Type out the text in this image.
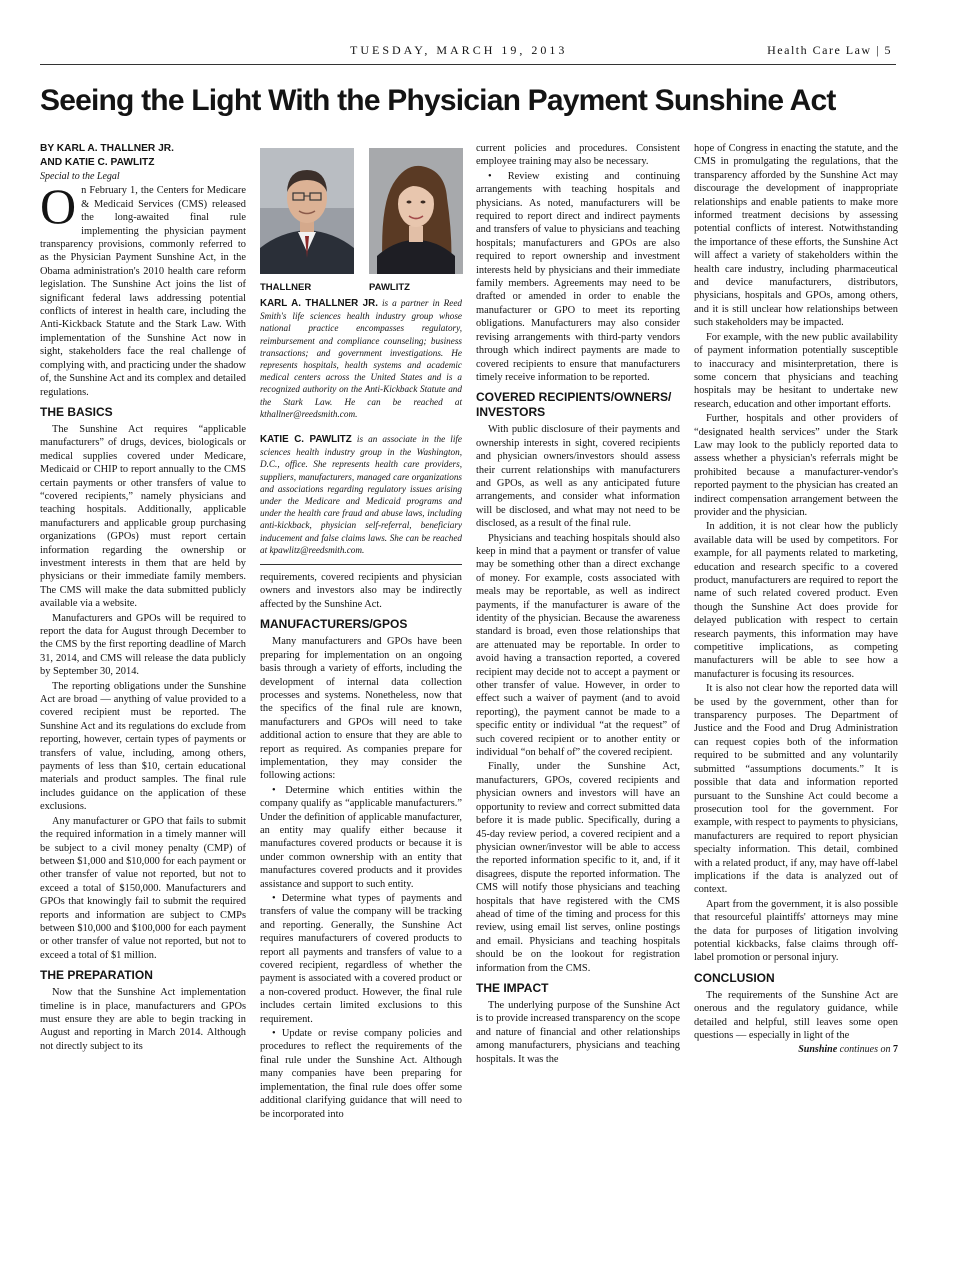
TUESDAY, MARCH 19, 2013	Health Care Law | 5
Seeing the Light With the Physician Payment Sunshine Act

BY KARL A. THALLNER JR.

AND KATIE C. PAWLITZ

Special to the Legal

On February 1, the Centers for Medicare & Medicaid Services (CMS) released the long-awaited final rule implementing the physician payment transparency provisions, commonly referred to as the Physician Payment Sunshine Act, in the Obama administration's 2010 health care reform legislation. The Sunshine Act joins the list of significant federal laws addressing potential conflicts of interest in health care, including the Anti-Kickback Statute and the Stark Law. With implementation of the Sunshine Act now in sight, stakeholders face the real challenge of complying with, and practicing under the shadow of, the Sunshine Act and its complex and detailed regulations.

THE BASICS

The Sunshine Act requires “applicable manufacturers” of drugs, devices, biologicals or medical supplies covered under Medicare, Medicaid or CHIP to report annually to the CMS certain payments or other transfers of value to “covered recipients,” namely physicians and teaching hospitals. Additionally, applicable manufacturers and applicable group purchasing organizations (GPOs) must report certain information regarding the ownership or investment interests in them that are held by physicians or their immediate family members. The CMS will make the data submitted publicly available via a website.

Manufacturers and GPOs will be required to report the data for August through December to the CMS by the first reporting deadline of March 31, 2014, and CMS will release the data publicly by September 30, 2014.

The reporting obligations under the Sunshine Act are broad — anything of value provided to a covered recipient must be reported. The Sunshine Act and its regulations do exclude from reporting, however, certain types of payments or transfers of value, including, among others, payments of less than $10, certain educational materials and product samples. The final rule includes guidance on the application of these exclusions.

Any manufacturer or GPO that fails to submit the required information in a timely manner will be subject to a civil money penalty (CMP) of between $1,000 and $10,000 for each payment or other transfer of value not reported, but not to exceed a total of $150,000. Manufacturers and GPOs that knowingly fail to submit the required reports and information are subject to CMPs between $10,000 and $100,000 for each payment or other transfer of value not reported, but not to exceed a total of $1 million.

THE PREPARATION

Now that the Sunshine Act implementation timeline is in place, manufacturers and GPOs must ensure they are able to begin tracking in August and reporting in March 2014. Although not directly subject to its

THALLNER	PAWLITZ

KARL A. THALLNER JR. is a partner in Reed Smith's life sciences health industry group whose national practice encompasses regulatory, reimbursement and compliance counseling; business transactions; and government investigations. He represents hospitals, health systems and academic medical centers across the United States and is a recognized authority on the Anti-Kickback Statute and the Stark Law. He can be reached at kthallner@reedsmith.com.

KATIE C. PAWLITZ is an associate in the life sciences health industry group in the Washington, D.C., office. She represents health care providers, suppliers, manufacturers, managed care organizations and associations regarding regulatory issues arising under the Medicare and Medicaid programs and under the health care fraud and abuse laws, including anti-kickback, physician self-referral, beneficiary inducement and false claims laws. She can be reached at kpawlitz@reedsmith.com.

requirements, covered recipients and physician owners and investors also may be indirectly affected by the Sunshine Act.

MANUFACTURERS/GPOS

Many manufacturers and GPOs have been preparing for implementation on an ongoing basis through a variety of efforts, including the development of internal data collection processes and systems. Nonetheless, now that the specifics of the final rule are known, manufacturers and GPOs will need to take additional action to ensure that they are able to report as required. As companies prepare for implementation, they may consider the following actions:

• Determine which entities within the company qualify as “applicable manufacturers.” Under the definition of applicable manufacturer, an entity may qualify either because it manufactures covered products or because it is under common ownership with an entity that manufactures covered products and it provides assistance and support to such entity.

• Determine what types of payments and transfers of value the company will be tracking and reporting. Generally, the Sunshine Act requires manufacturers of covered products to report all payments and transfers of value to a covered recipient, regardless of whether the payment is associated with a covered product or a non-covered product. However, the final rule includes certain limited exclusions to this requirement.

• Update or revise company policies and procedures to reflect the requirements of the final rule under the Sunshine Act. Although many companies have been preparing for implementation, the final rule does offer some additional clarifying guidance that will need to be incorporated into

current policies and procedures. Consistent employee training may also be necessary.

• Review existing and continuing arrangements with teaching hospitals and physicians. As noted, manufacturers will be required to report direct and indirect payments and transfers of value to physicians and teaching hospitals; manufacturers and GPOs are also required to report ownership and investment interests held by physicians and their immediate family members. Agreements may need to be drafted or amended in order to enable the manufacturer or GPO to meet its reporting obligations. Manufacturers may also consider revising arrangements with third-party vendors through which indirect payments are made to covered recipients to ensure that manufacturers timely receive information to be reported.

COVERED RECIPIENTS/OWNERS/ INVESTORS

With public disclosure of their payments and ownership interests in sight, covered recipients and physician owners/investors should assess their current relationships with manufacturers and GPOs, as well as any anticipated future arrangements, and consider what information will be disclosed, and what may not need to be disclosed, as a result of the final rule.

Physicians and teaching hospitals should also keep in mind that a payment or transfer of value may be something other than a direct exchange of money. For example, costs associated with meals may be reportable, as well as indirect payments, if the manufacturer is aware of the identity of the physician. Because the awareness standard is broad, even those relationships that are attenuated may be reportable. In order to avoid having a transaction reported, a covered recipient may decide not to accept a payment or other transfer of value. However, in order to effect such a waiver of payment (and to avoid reporting), the payment cannot be made to a specific entity or individual “at the request” of such covered recipient or to another entity or individual “on behalf of” the covered recipient.

Finally, under the Sunshine Act, manufacturers, GPOs, covered recipients and physician owners and investors will have an opportunity to review and correct submitted data before it is made public. Specifically, during a 45-day review period, a covered recipient and a physician owner/investor will be able to access the reported information specific to it, and, if it disagrees, dispute the reported information. The CMS will notify those physicians and teaching hospitals that have registered with the CMS ahead of time of the timing and process for this review, using email list serves, online postings and email. Physicians and teaching hospitals should be on the lookout for registration information from the CMS.

THE IMPACT

The underlying purpose of the Sunshine Act is to provide increased transparency on the scope and nature of financial and other relationships among manufacturers, physicians and teaching hospitals. It was the

hope of Congress in enacting the statute, and the CMS in promulgating the regulations, that the transparency afforded by the Sunshine Act may discourage the development of inappropriate relationships and enable patients to make more informed treatment decisions by assessing potential conflicts of interest. Notwithstanding the importance of these efforts, the Sunshine Act will affect a variety of stakeholders within the health care industry, including pharmaceutical and device manufacturers, distributors, physicians, hospitals and GPOs, among others, and it is still unclear how relationships between such stakeholders may be impacted.

For example, with the new public availability of payment information potentially susceptible to inaccuracy and misinterpretation, there is some concern that physicians and teaching hospitals may be hesitant to undertake new research, education and other important efforts.

Further, hospitals and other providers of “designated health services” under the Stark Law may look to the publicly reported data to assess whether a physician's referrals might be prohibited because a manufacturer-vendor's reported payment to the physician has created an indirect compensation arrangement between the provider and the physician.

In addition, it is not clear how the publicly available data will be used by competitors. For example, for all payments related to marketing, education and research specific to a covered product, manufacturers are required to report the name of such related covered product. Even though the Sunshine Act does provide for delayed publication with respect to certain research payments, this information may have competitive implications, as competing manufacturers will be able to see how a manufacturer is focusing its resources.

It is also not clear how the reported data will be used by the government, other than for transparency purposes. The Department of Justice and the Food and Drug Administration can request copies both of the information required to be submitted and any voluntarily submitted “assumptions documents.” It is possible that data and information reported pursuant to the Sunshine Act could become a prosecution tool for the government. For example, with respect to payments to physicians, manufacturers are required to report physician specialty information. This detail, combined with a related product, if any, may have off-label implications if the data is analyzed out of context.

Apart from the government, it is also possible that resourceful plaintiffs' attorneys may mine the data for purposes of litigation involving potential kickbacks, false claims through off-label promotion or personal injury.

CONCLUSION

The requirements of the Sunshine Act are onerous and the regulatory guidance, while detailed and helpful, still leaves some open questions — especially in light of the

Sunshine continues on 7
